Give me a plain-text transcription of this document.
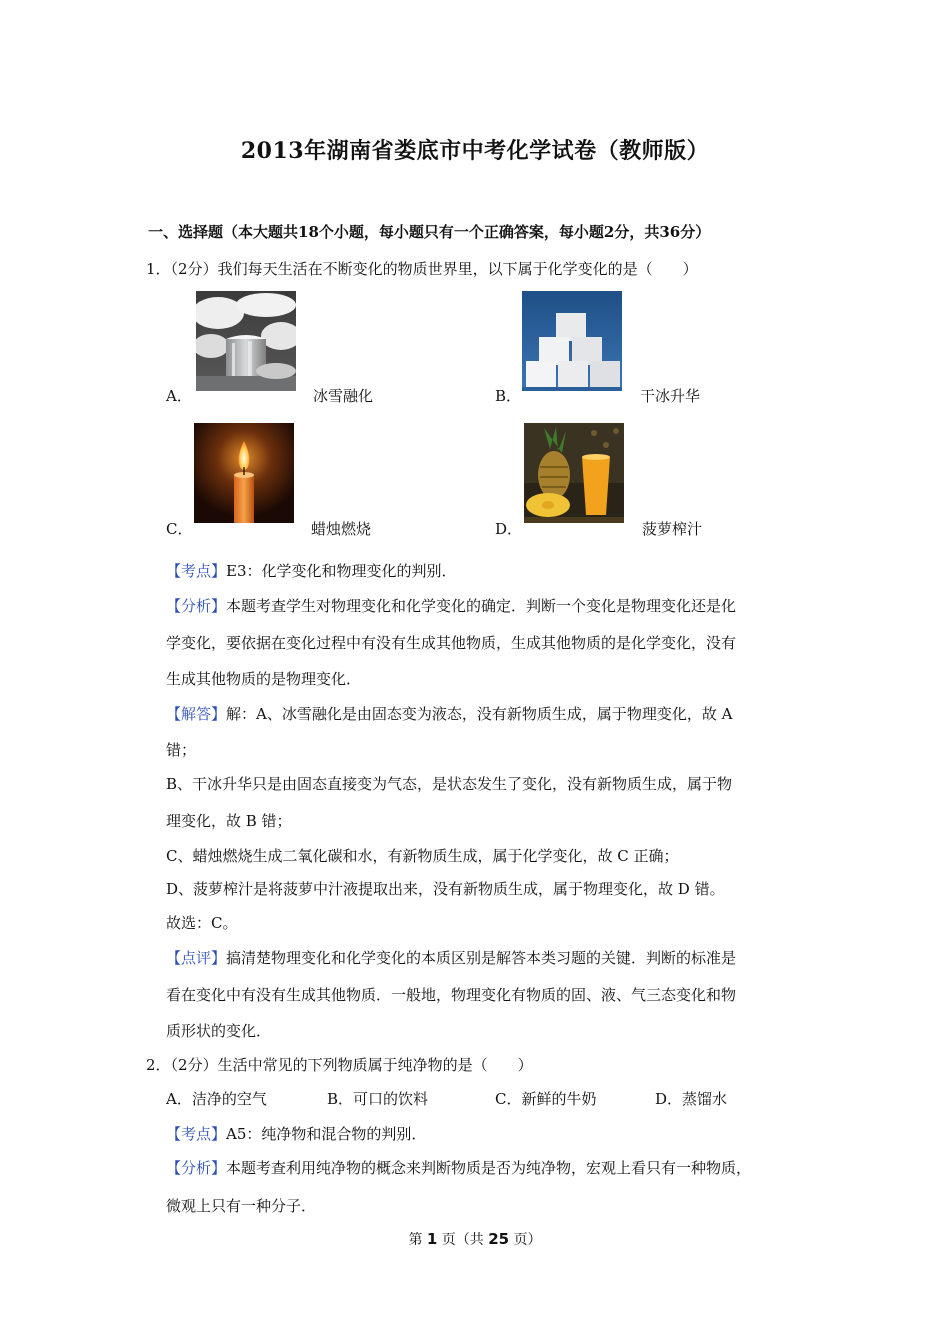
2013年湖南省娄底市中考化学试卷（教师版）
一、选择题（本大题共18个小题，每小题只有一个正确答案，每小题2分，共36分）
1．（2分）我们每天生活在不断变化的物质世界里，以下属于化学变化的是（　　）
A．	冰雪融化	B．	干冰升华
C．	蜡烛燃烧	D．	菠萝榨汁
【考点】E3：化学变化和物理变化的判别．
【分析】本题考查学生对物理变化和化学变化的确定．判断一个变化是物理变化还是化
学变化，要依据在变化过程中有没有生成其他物质，生成其他物质的是化学变化，没有
生成其他物质的是物理变化．
【解答】解：A、冰雪融化是由固态变为液态，没有新物质生成，属于物理变化，故 A
错；
B、干冰升华只是由固态直接变为气态，是状态发生了变化，没有新物质生成，属于物
理变化，故 B 错；
C、蜡烛燃烧生成二氧化碳和水，有新物质生成，属于化学变化，故 C 正确；
D、菠萝榨汁是将菠萝中汁液提取出来，没有新物质生成，属于物理变化，故 D 错。
故选：C。
【点评】搞清楚物理变化和化学变化的本质区别是解答本类习题的关键．判断的标准是
看在变化中有没有生成其他物质．一般地，物理变化有物质的固、液、气三态变化和物
质形状的变化．
2．（2分）生活中常见的下列物质属于纯净物的是（　　）
A．洁净的空气	B．可口的饮料	C．新鲜的牛奶	D．蒸馏水
【考点】A5：纯净物和混合物的判别．
【分析】本题考查利用纯净物的概念来判断物质是否为纯净物，宏观上看只有一种物质，
微观上只有一种分子．
第 1 页（共 25 页）
